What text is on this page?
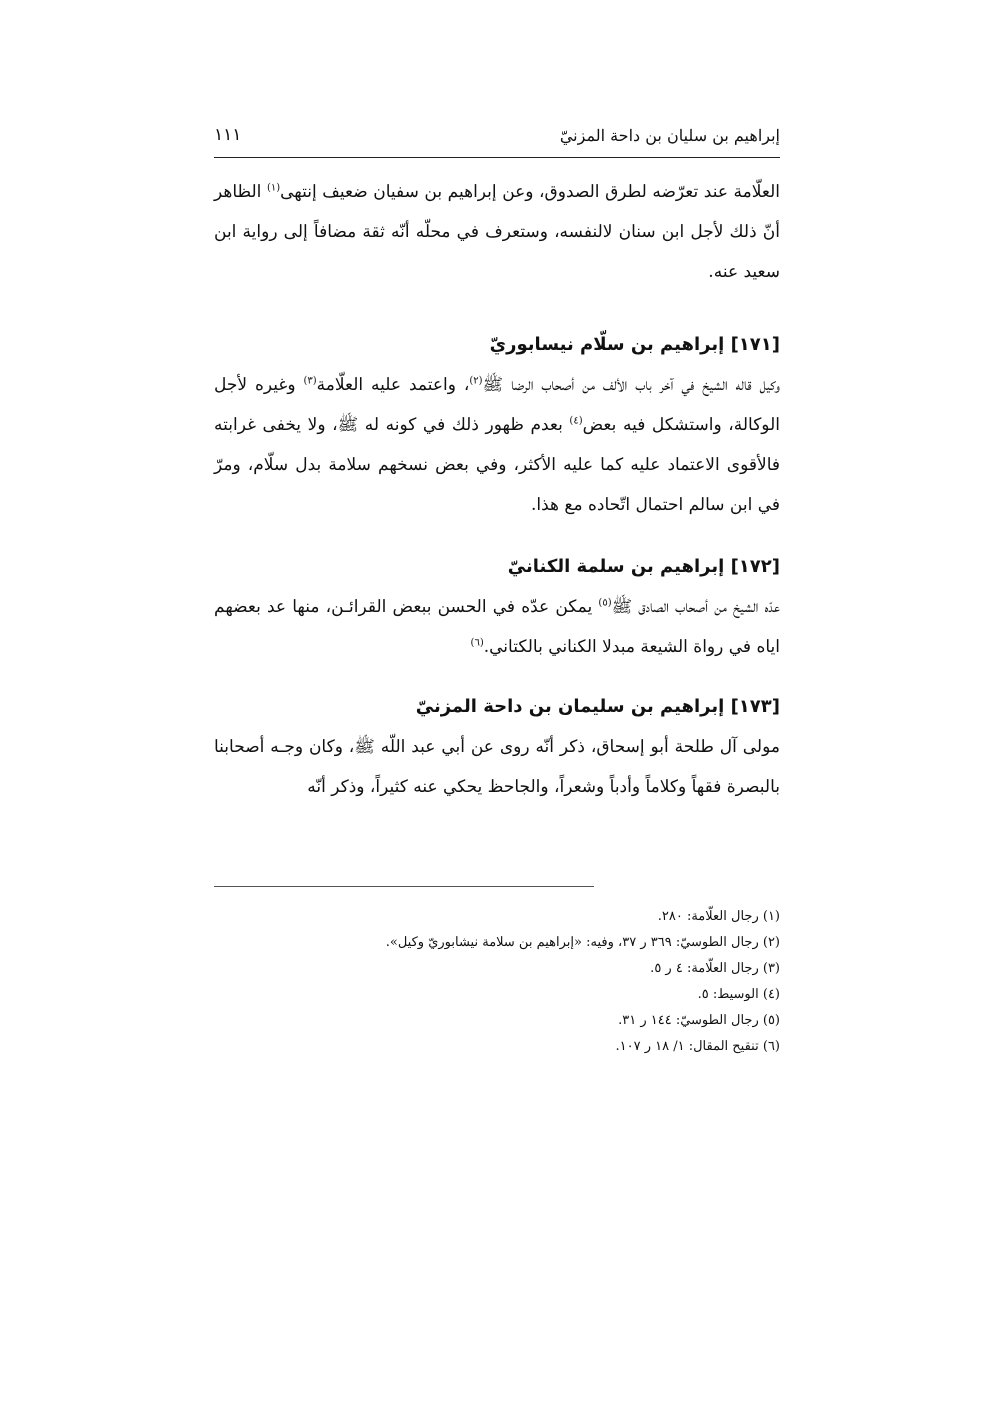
إبراهيم بن سليان بن داحة المزنيّ
١١١

العلّامة عند تعرّضه لطرق الصدوق، وعن إبراهيم بن سفيان ضعيف إنتهى$^{(١)}$ الظاهر أنّ ذلك لأجل ابن سنان لالنفسه، وستعرف في محلّه أنّه ثقة مضافاً إلى رواية ابن سعيد عنه.

[١٧١] إبراهيم بن سلّام نيسابوريّ

وكيل قاله الشيخ في آخر باب الألف من أصحاب الرضا ﷺ$^{(٢)}$، واعتمد عليه العلّامة$^{(٣)}$ وغيره لأجل الوكالة، واستشكل فيه بعض$^{(٤)}$ بعدم ظهور ذلك في كونه له ﷺ، ولا يخفى غرابته فالأقوى الاعتماد عليه كما عليه الأكثر، وفي بعض نسخهم سلامة بدل سلّام، ومرّ في ابن سالم احتمال اتّحاده مع هذا.

[١٧٢] إبراهيم بن سلمة الكنانيّ

عدّه الشيخ من أصحاب الصادق ﷺ$^{(٥)}$ يمكن عدّه في الحسن ببعض القرائـن، منها عد بعضهم اياه في رواة الشيعة مبدلا الكناني بالكتاني.$^{(٦)}$

[١٧٣] إبراهيم بن سليمان بن داحة المزنيّ

مولى آل طلحة أبو إسحاق، ذكر أنّه روى عن أبي عبد اللّه ﷺ، وكان وجـه أصحابنا بالبصرة فقهاً وكلاماً وأدباً وشعراً، والجاحظ يحكي عنه كثيراً، وذكر أنّه

(١) رجال العلّامة: ٢٨٠.
(٢) رجال الطوسيّ: ٣٦٩ ر ٣٧، وفيه: «إبراهيم بن سلامة نيشابوريّ وكيل».
(٣) رجال العلّامة: ٤ ر ٥.
(٤) الوسيط: ٥.
(٥) رجال الطوسيّ: ١٤٤ ر ٣١.
(٦) تنقيح المقال: ١/ ١٨ ر ١٠٧.
